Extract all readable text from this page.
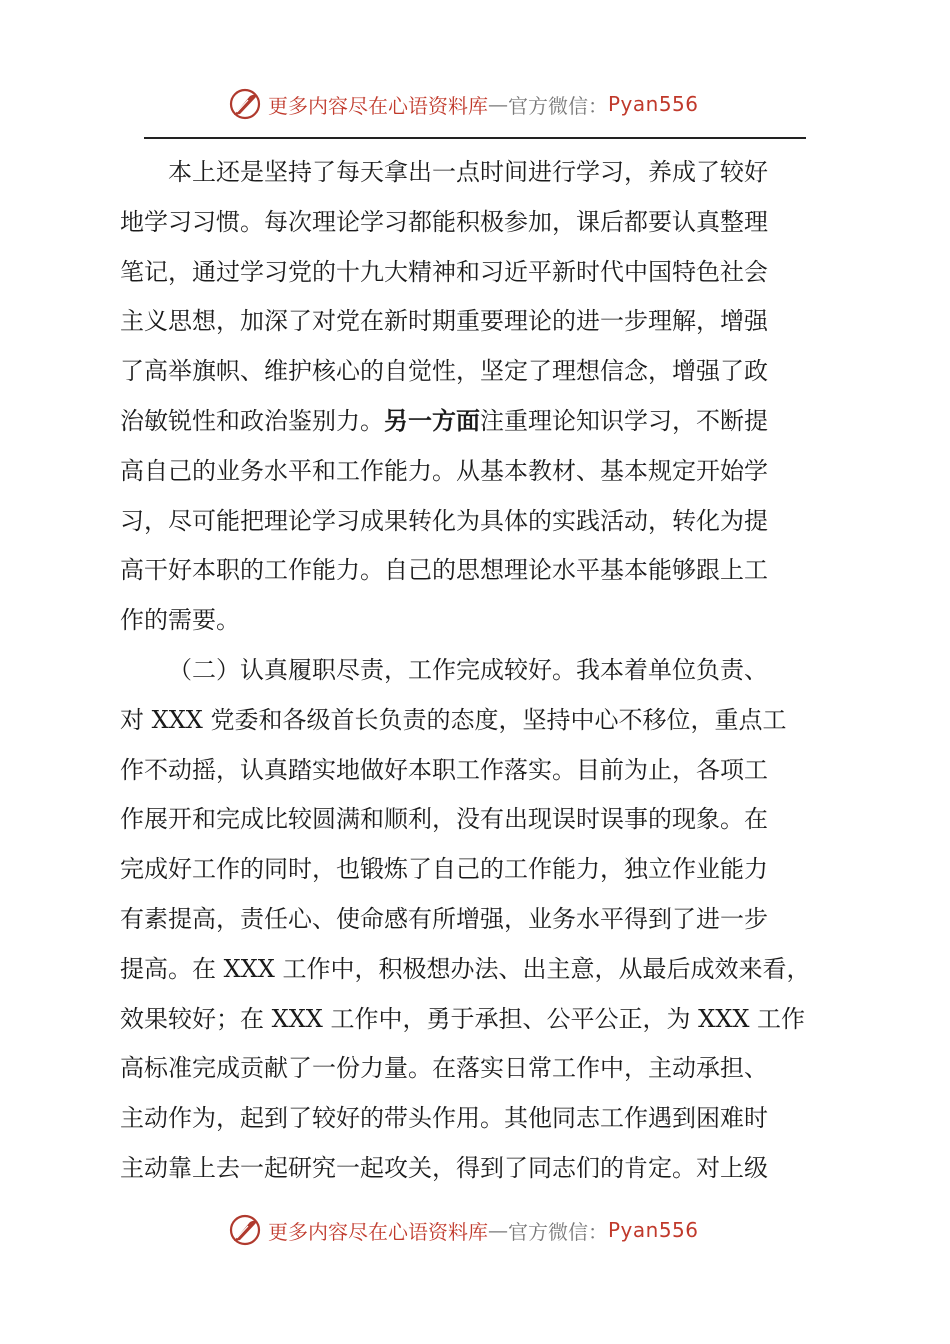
更多内容尽在心语资料库 — 官方微信： Pyan556
本上还是坚持了每天拿出一点时间进行学习，养成了较好
地学习习惯。每次理论学习都能积极参加，课后都要认真整理
笔记，通过学习党的十九大精神和习近平新时代中国特色社会
主义思想，加深了对党在新时期重要理论的进一步理解，增强
了高举旗帜、维护核心的自觉性，坚定了理想信念，增强了政
治敏锐性和政治鉴别力。另一方面注重理论知识学习，不断提
高自己的业务水平和工作能力。从基本教材、基本规定开始学
习，尽可能把理论学习成果转化为具体的实践活动，转化为提
高干好本职的工作能力。自己的思想理论水平基本能够跟上工
作的需要。
（二）认真履职尽责，工作完成较好。我本着单位负责、
对 XXX 党委和各级首长负责的态度，坚持中心不移位，重点工
作不动摇，认真踏实地做好本职工作落实。目前为止，各项工
作展开和完成比较圆满和顺利，没有出现误时误事的现象。在
完成好工作的同时，也锻炼了自己的工作能力，独立作业能力
有素提高，责任心、使命感有所增强，业务水平得到了进一步
提高。在 XXX 工作中，积极想办法、出主意，从最后成效来看，
效果较好；在 XXX 工作中，勇于承担、公平公正，为 XXX 工作
高标准完成贡献了一份力量。在落实日常工作中，主动承担、
主动作为，起到了较好的带头作用。其他同志工作遇到困难时
主动靠上去一起研究一起攻关，得到了同志们的肯定。对上级
更多内容尽在心语资料库 — 官方微信： Pyan556
